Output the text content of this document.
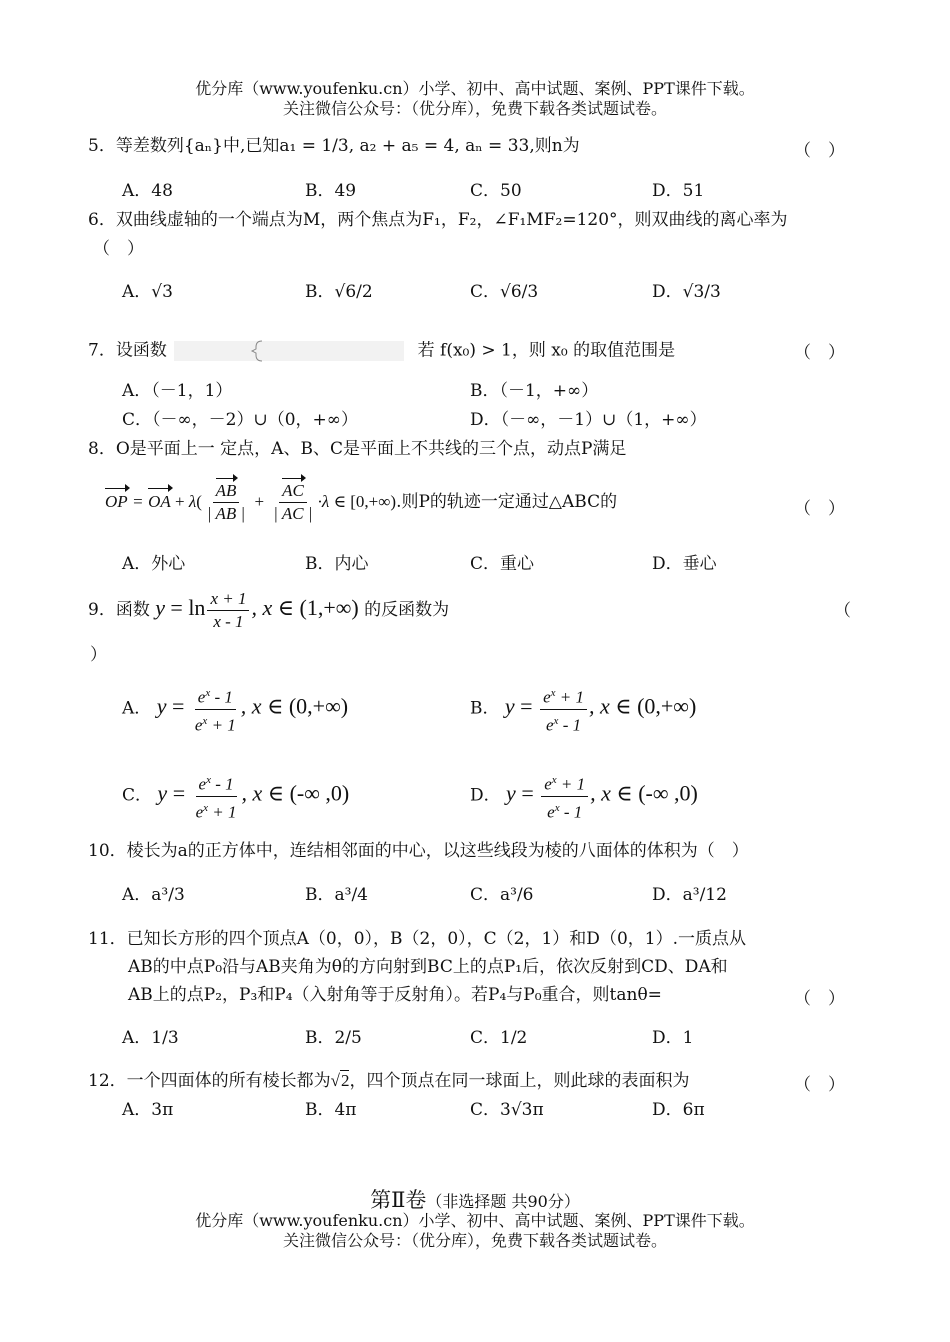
优分库（www.youfenku.cn）小学、初中、高中试题、案例、PPT课件下载。
关注微信公众号：（优分库），免费下载各类试题试卷。
5．等差数列{aₙ}中,已知a₁ = 1/3, a₂ + a₅ = 4, aₙ = 33,则n为	（　）
A．48	B．49	C．50	D．51
6．双曲线虚轴的一个端点为M，两个焦点为F₁，F₂，∠F₁MF₂=120°，则双曲线的离心率为
（　）
A．√3	B．√6/2	C．√6/3	D．√3/3
7．设函数	若 f(x₀) > 1，则 x₀ 的取值范围是	（　）
A．（－1，1）	B．（－1，+∞）
C．（－∞，－2）∪（0，+∞）	D．（－∞，－1）∪（1，+∞）
8．O是平面上一 定点，A、B、C是平面上不共线的三个点，动点P满足
OP = OA + $\lambda( \frac{AB}{| AB |} + \frac{AC}{| AC |} \cdot\lambda$ ∈ [0,+∞).则P的轨迹一定通过△ABC的	（　）
A．外心	B．内心	C．重心	D．垂心
9．函数 $y = \ln \frac{x + 1}{x - 1}$ , x ∈ (1,+∞) 的反函数为	（
）
A． $y = \frac{e^x - 1}{e^x + 1}$ , x ∈ (0,+∞)	B． $y = \frac{e^x + 1}{e^x - 1}$ , x ∈ (0,+∞)
C． $y = \frac{e^x - 1}{e^x + 1}$ , x ∈ (-∞ ,0)	D． $y = \frac{e^x + 1}{e^x - 1}$ , x ∈ (-∞ ,0)
10．棱长为a的正方体中，连结相邻面的中心，以这些线段为棱的八面体的体积为（　）
A．a³/3	B．a³/4	C．a³/6	D．a³/12
11．已知长方形的四个顶点A（0，0），B（2，0），C（2，1）和D（0，1）.一质点从
AB的中点P₀沿与AB夹角为θ的方向射到BC上的点P₁后，依次反射到CD、DA和
AB上的点P₂，P₃和P₄（入射角等于反射角）。若P₄与P₀重合，则tanθ=	（　）
A．1/3	B．2/5	C．1/2	D．1
12．一个四面体的所有棱长都为√2，四个顶点在同一球面上，则此球的表面积为	（　）
A．3π	B．4π	C．3√3π	D．6π
第Ⅱ卷（非选择题 共90分）
优分库（www.youfenku.cn）小学、初中、高中试题、案例、PPT课件下载。
关注微信公众号：（优分库），免费下载各类试题试卷。
